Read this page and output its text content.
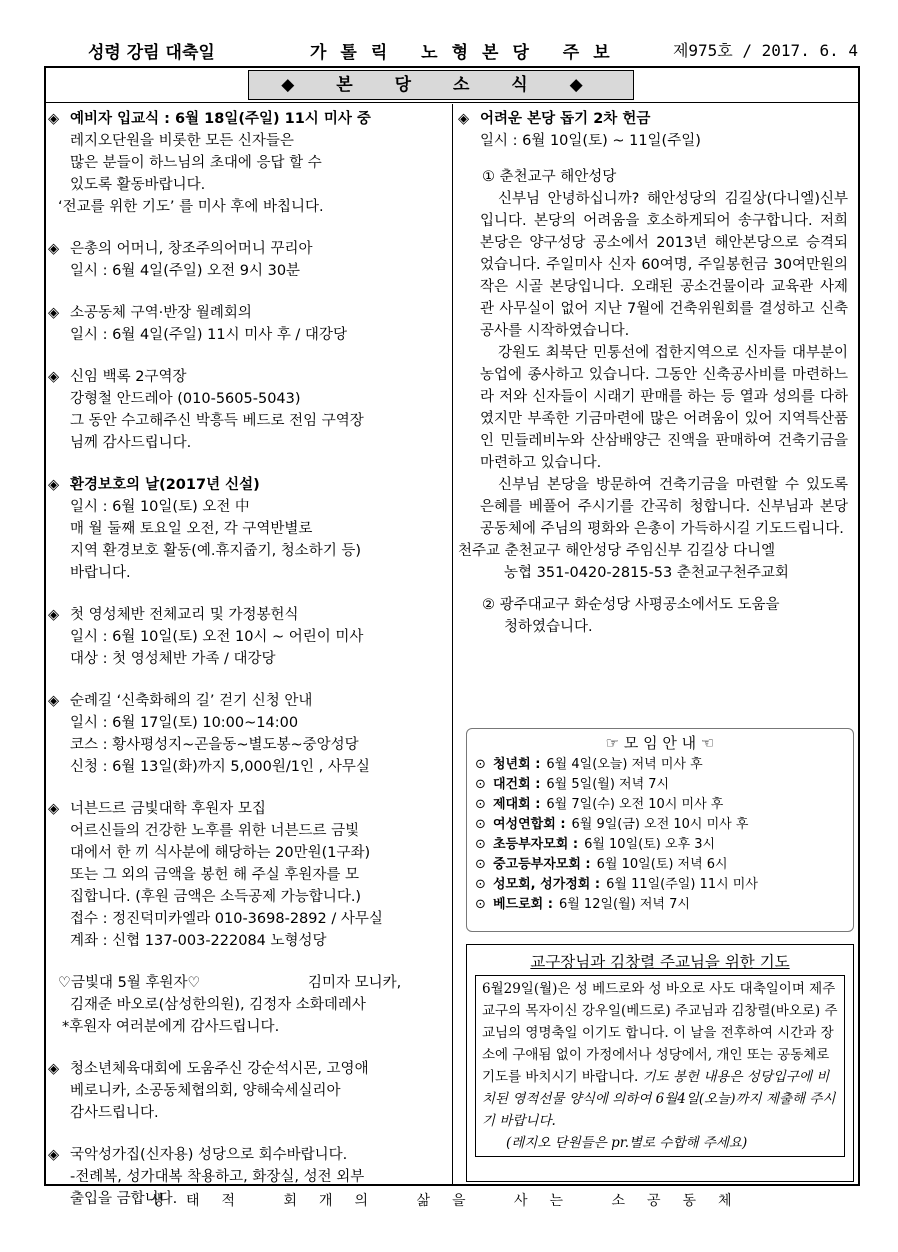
성령 강림 대축일	가톨릭 노형본당 주보	제975호 / 2017. 6. 4
◆ 본 당 소 식 ◆
◈ 예비자 입교식 : 6월 18일(주일) 11시 미사 중
레지오단원을 비롯한 모든 신자들은
많은 분들이 하느님의 초대에 응답 할 수
있도록 활동바랍니다.
‘전교를 위한 기도’ 를 미사 후에 바칩니다.
◈ 은총의 어머니, 창조주의어머니 꾸리아
일시 : 6월 4일(주일) 오전 9시 30분
◈ 소공동체 구역·반장 월례회의
일시 : 6월 4일(주일) 11시 미사 후 / 대강당
◈ 신임 백록 2구역장
강형철 안드레아 (010-5605-5043)
그 동안 수고해주신 박흥득 베드로 전임 구역장
님께 감사드립니다.
◈ 환경보호의 날(2017년 신설)
일시 : 6월 10일(토) 오전 中
매 월 둘째 토요일 오전, 각 구역반별로
지역 환경보호 활동(예.휴지줍기, 청소하기 등)
바랍니다.
◈ 첫 영성체반 전체교리 및 가정봉헌식
일시 : 6월 10일(토) 오전 10시 ~ 어린이 미사
대상 : 첫 영성체반 가족 / 대강당
◈ 순례길 ‘신축화해의 길’ 걷기 신청 안내
일시 : 6월 17일(토) 10:00~14:00
코스 : 황사평성지~곤을동~별도봉~중앙성당
신청 : 6월 13일(화)까지 5,000원/1인 , 사무실
◈ 너븐드르 금빛대학 후원자 모집
어르신들의 건강한 노후를 위한 너븐드르 금빛
대에서 한 끼 식사분에 해당하는 20만원(1구좌)
또는 그 외의 금액을 봉헌 해 주실 후원자를 모
집합니다. (후원 금액은 소득공제 가능합니다.)
접수 : 정진덕미카엘라 010-3698-2892 / 사무실
계좌 : 신협 137-003-222084 노형성당
♡금빛대 5월 후원자♡	김미자 모니카,
김재준 바오로(삼성한의원), 김정자 소화데레사
*후원자 여러분에게 감사드립니다.
◈ 청소년체육대회에 도움주신 강순석시몬, 고영애
베로니카, 소공동체협의회, 양해숙세실리아
감사드립니다.
◈ 국악성가집(신자용) 성당으로 회수바랍니다.
-전례복, 성가대복 착용하고, 화장실, 성전 외부
출입을 금합니다.
◈ 어려운 본당 돕기 2차 헌금
일시 : 6월 10일(토) ~ 11일(주일)
① 춘천교구 해안성당
신부님 안녕하십니까? 해안성당의 김길상(다니엘)신부입니다. 본당의 어려움을 호소하게되어 송구합니다. 저희 본당은 양구성당 공소에서 2013년 해안본당으로 승격되었습니다. 주일미사 신자 60여명, 주일봉헌금 30여만원의 작은 시골 본당입니다. 오래된 공소건물이라 교육관 사제관 사무실이 없어 지난 7월에 건축위원회를 결성하고 신축공사를 시작하였습니다.
강원도 최북단 민통선에 접한지역으로 신자들 대부분이 농업에 종사하고 있습니다. 그동안 신축공사비를 마련하느라 저와 신자들이 시래기 판매를 하는 등 열과 성의를 다하였지만 부족한 기금마련에 많은 어려움이 있어 지역특산품인 민들레비누와 산삼배양근 진액을 판매하여 건축기금을 마련하고 있습니다.
신부님 본당을 방문하여 건축기금을 마련할 수 있도록 은혜를 베풀어 주시기를 간곡히 청합니다. 신부님과 본당 공동체에 주님의 평화와 은총이 가득하시길 기도드립니다.
천주교 춘천교구 해안성당 주임신부 김길상 다니엘
농협 351-0420-2815-53 춘천교구천주교회
② 광주대교구 화순성당 사평공소에서도 도움을
청하였습니다.
☞ 모 임 안 내 ☜
⊙ 청년회 : 6월 4일(오늘) 저녁 미사 후
⊙ 대건회 : 6월 5일(월) 저녁 7시
⊙ 제대회 : 6월 7일(수) 오전 10시 미사 후
⊙ 여성연합회 : 6월 9일(금) 오전 10시 미사 후
⊙ 초등부자모회 : 6월 10일(토) 오후 3시
⊙ 중고등부자모회 : 6월 10일(토) 저녁 6시
⊙ 성모회, 성가정회 : 6월 11일(주일) 11시 미사
⊙ 베드로회 : 6월 12일(월) 저녁 7시
교구장님과 김창렬 주교님을 위한 기도
6월29일(월)은 성 베드로와 성 바오로 사도 대축일이며 제주교구의 목자이신 강우일(베드로) 주교님과 김창렬(바오로) 주교님의 영명축일 이기도 합니다. 이 날을 전후하여 시간과 장소에 구애됨 없이 가정에서나 성당에서, 개인 또는 공동체로 기도를 바치시기 바랍니다. 기도 봉헌 내용은 성당입구에 비치된 영적선물 양식에 의하여 6월4일(오늘)까지 제출해 주시기 바랍니다.
(레지오 단원들은 pr.별로 수합해 주세요)
생태적 회개의 삶을 사는 소공동체
